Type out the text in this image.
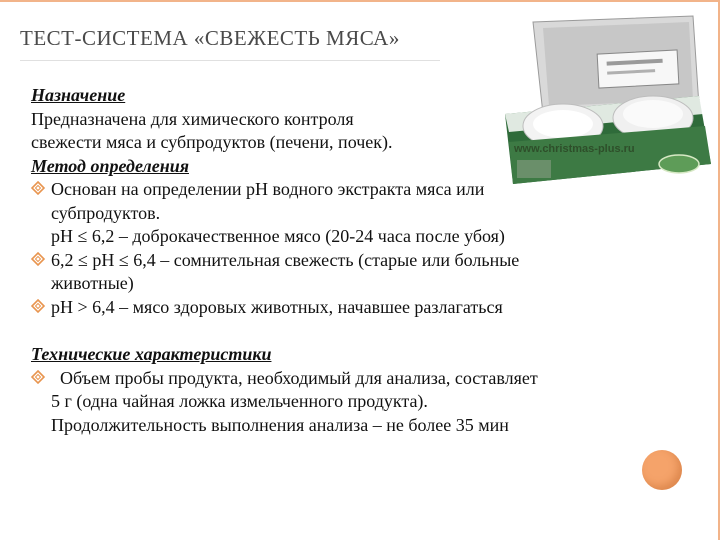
ТЕСТ-СИСТЕМА «СВЕЖЕСТЬ МЯСА»
www.christmas-plus.ru
Назначение
Предназначена для химического контроля
свежести мяса и субпродуктов (печени, почек).
Метод определения
Основан на определении рН водного экстракта мяса или
субпродуктов.
рН ≤ 6,2 – доброкачественное мясо (20-24 часа после убоя)
6,2 ≤ рН ≤ 6,4 – сомнительная свежесть (старые или больные
животные)
рН > 6,4 – мясо здоровых животных, начавшее разлагаться
Технические характеристики
Объем пробы продукта, необходимый для анализа, составляет
5 г (одна чайная ложка измельченного продукта).
Продолжительность выполнения анализа – не более 35 мин
